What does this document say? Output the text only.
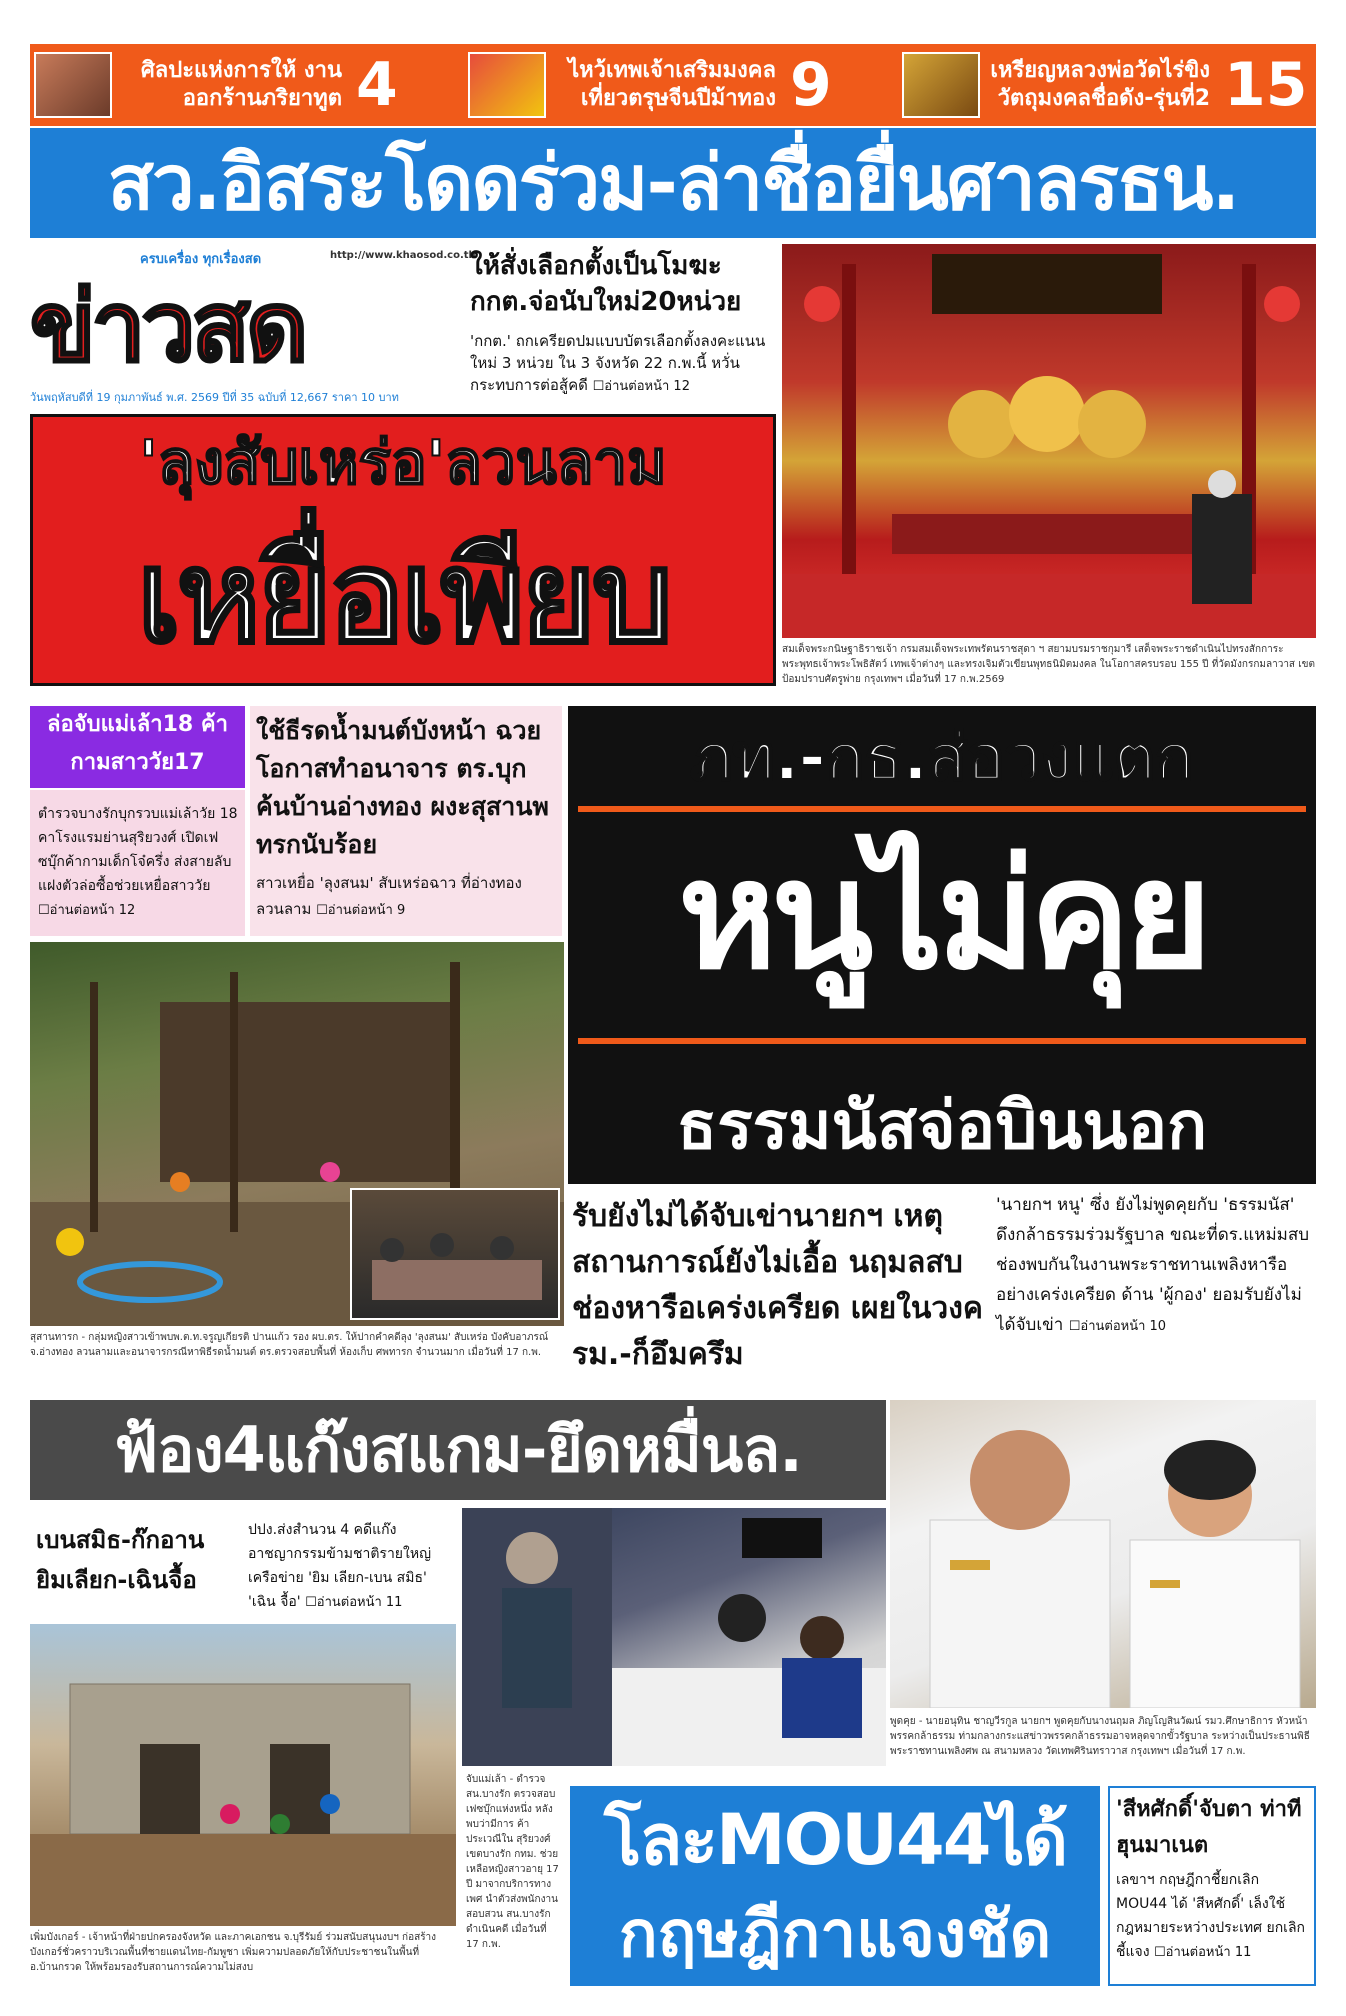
ศิลปะแห่งการให้ งานออกร้านภริยาทูต 4	ไหว้เทพเจ้าเสริมมงคล เที่ยวตรุษจีนปีม้าทอง 9	เหรียญหลวงพ่อวัดไร่ขิง วัตถุมงคลชื่อดัง-รุ่นที่2 15
สว.อิสระโดดร่วม-ล่าชื่อยื่นศาลรธน.
ครบเครื่อง ทุกเรื่องสด	http://www.khaosod.co.th
ข่าวสด
วันพฤหัสบดีที่ 19 กุมภาพันธ์ พ.ศ. 2569 ปีที่ 35 ฉบับที่ 12,667 ราคา 10 บาท
ให้สั่งเลือกตั้งเป็นโมฆะ กกต.จ่อนับใหม่20หน่วย
'กกต.' ถกเครียดปมแบบบัตรเลือกตั้งลงคะแนนใหม่ 3 หน่วย ใน 3 จังหวัด 22 ก.พ.นี้ หวั่นกระทบการต่อสู้คดี ☐อ่านต่อหน้า 12
สมเด็จพระกนิษฐาธิราชเจ้า กรมสมเด็จพระเทพรัตนราชสุดา ฯ สยามบรมราชกุมารี เสด็จพระราชดำเนินไปทรงสักการะพระพุทธเจ้าพระโพธิสัตว์ เทพเจ้าต่างๆ และทรงเจิมตัวเขียนพุทธนิมิตมงคล ในโอกาสครบรอบ 155 ปี ที่วัดมังกรกมลาวาส เขตป้อมปราบศัตรูพ่าย กรุงเทพฯ เมื่อวันที่ 17 ก.พ.2569
'ลุงสับเหร่อ'ลวนลาม
เหยื่อเพียบ
ล่อจับแม่เล้า18 ค้ากามสาววัย17
ตำรวจบางรักบุกรวบแม่เล้าวัย 18 คาโรงแรมย่านสุริยวงศ์ เปิดเฟซบุ๊กค้ากามเด็กโจ๋ครึ่ง ส่งสายลับแฝงตัวล่อซื้อช่วยเหยื่อสาววัย ☐อ่านต่อหน้า 12
ใช้ธีรดน้ำมนต์บังหน้า ฉวยโอกาสทำอนาจาร ตร.บุกค้นบ้านอ่างทอง ผงะสุสานพทรกนับร้อย
สาวเหยื่อ 'ลุงสนม' สับเหร่อฉาว ที่อ่างทอง ลวนลาม ☐อ่านต่อหน้า 9
ภท.-กธ.ส่อวงแตก
หนูไม่คุย
ธรรมนัสจ่อบินนอก
สุสานทารก - กลุ่มหญิงสาวเข้าพบพ.ต.ท.จรูญเกียรติ ปานแก้ว รอง ผบ.ตร. ให้ปากคำคดีลุง 'ลุงสนม' สับเหร่อ บังคับอาภรณ์ จ.อ่างทอง ลวนลามและอนาจารกรณีหาพิธีรดน้ำมนต์ ตร.ตรวจสอบพื้นที่ ห้องเก็บ ศพทารก จำนวนมาก เมื่อวันที่ 17 ก.พ.
รับยังไม่ได้จับเข่านายกฯ เหตุสถานการณ์ยังไม่เอื้อ นฤมลสบช่องหารือเคร่งเครียด เผยในวงครม.-ก็อึมครึม
'นายกฯ หนู' ซึ่ง ยังไม่พูดคุยกับ 'ธรรมนัส' ดึงกล้าธรรมร่วมรัฐบาล ขณะที่ดร.แหม่มสบช่องพบกันในงานพระราชทานเพลิงหารือ อย่างเคร่งเครียด ด้าน 'ผู้กอง' ยอมรับยังไม่ได้จับเข่า ☐อ่านต่อหน้า 10
ฟ้อง4แก๊งสแกม-ยึดหมื่นล.
พูดคุย - นายอนุทิน ชาญวีรกูล นายกฯ พูดคุยกับนางนฤมล ภิญโญสินวัฒน์ รมว.ศึกษาธิการ หัวหน้าพรรคกล้าธรรม ท่ามกลางกระแสข่าวพรรคกล้าธรรมอาจหลุดจากขั้วรัฐบาล ระหว่างเป็นประธานพิธีพระราชทานเพลิงศพ ณ สนามหลวง วัดเทพศิรินทราวาส กรุงเทพฯ เมื่อวันที่ 17 ก.พ.
เบนสมิธ-ก๊กอาน ยิมเลียก-เฉินจื้อ
ปปง.ส่งสำนวน 4 คดีแก๊งอาชญากรรมข้ามชาติรายใหญ่ เครือข่าย 'ยิม เลียก-เบน สมิธ' 'เฉิน จื้อ' ☐อ่านต่อหน้า 11
เพิ่มบังเกอร์ - เจ้าหน้าที่ฝ่ายปกครองจังหวัด และภาคเอกชน จ.บุรีรัมย์ ร่วมสนับสนุนงบฯ ก่อสร้างบังเกอร์ชั่วคราวบริเวณพื้นที่ชายแดนไทย-กัมพูชา เพิ่มความปลอดภัยให้กับประชาชนในพื้นที่ อ.บ้านกรวด ให้พร้อมรองรับสถานการณ์ความไม่สงบ
จับแม่เล้า - ตำรวจ สน.บางรัก ตรวจสอบเฟซบุ๊กแห่งหนึ่ง หลังพบว่ามีการ ค้าประเวณีใน สุริยวงศ์ เขตบางรัก กทม. ช่วยเหลือหญิงสาวอายุ 17 ปี มาจากบริการทางเพศ นำตัวส่งพนักงานสอบสวน สน.บางรัก ดำเนินคดี เมื่อวันที่ 17 ก.พ.
โละMOU44ได้
กฤษฎีกาแจงชัด
'สีหศักดิ์'จับตา ท่าทีฮุนมาเนต
เลขาฯ กฤษฎีกาชี้ยกเลิก MOU44 ได้ 'สีหศักดิ์' เล็งใช้ กฎหมายระหว่างประเทศ ยกเลิก ชี้แจง ☐อ่านต่อหน้า 11
